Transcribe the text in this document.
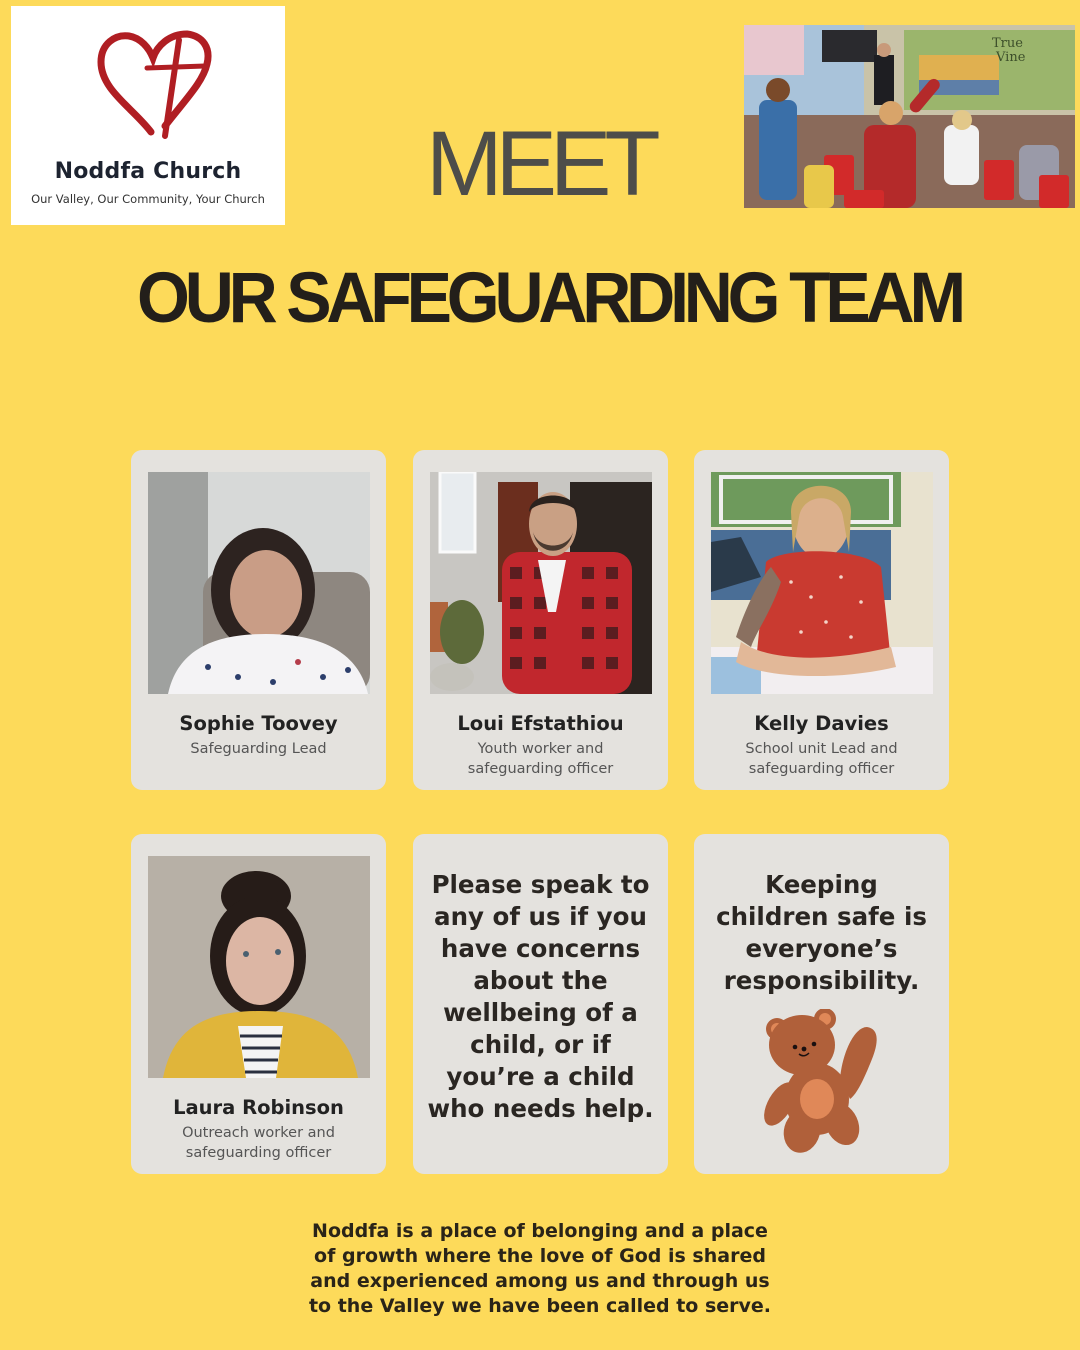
Noddfa Church
Our Valley, Our Community, Your Church MEET
True
Vine
OUR SAFEGUARDING TEAM
Sophie Toovey
Safeguarding Lead
Loui Efstathiou
Youth worker and safeguarding officer
Kelly Davies
School unit Lead and safeguarding officer
Laura Robinson
Outreach worker and safeguarding officer
Please speak to any of us if you have concerns about the wellbeing of a child, or if you’re a child who needs help.
Keeping children safe is everyone’s responsibility.
Noddfa is a place of belonging and a place of growth where the love of God is shared and experienced among us and through us to the Valley we have been called to serve.
